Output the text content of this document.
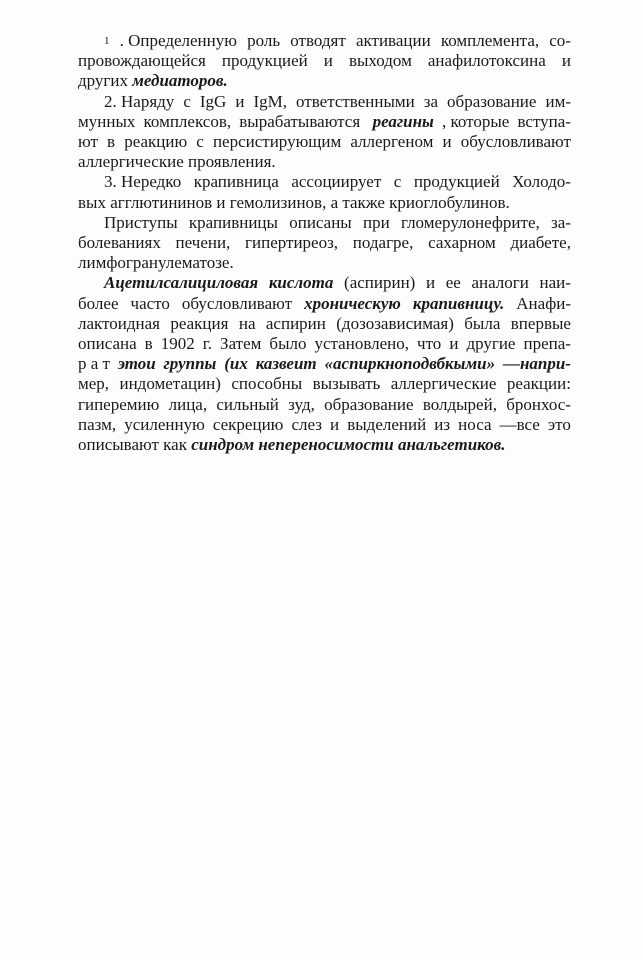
1 . Определенную роль отводят активации комплемента, со-
провождающейся продукцией и выходом анафилотоксина и
других медиаторов.
2. Наряду с IgG и IgM, ответственными за образование им-
мунных комплексов, вырабатываются реагины , которые вступа-
ют в реакцию с персистирующим аллергеном и обусловливают
аллергические проявления.
3. Нередко крапивница ассоциирует с продукцией Холодо-
вых агглютининов и гемолизинов, а также криоглобулинов.
Приступы крапивницы описаны при гломерулонефрите, за-
болеваниях печени, гипертиреоз, подагре, сахарном диабете,
лимфогранулематозе.
Ацетилсалициловая кислота (аспирин) и ее аналоги наи-
более часто обусловливают хроническую крапивницу. Анафи-
лактоидная реакция на аспирин (дозозависимая) была впервые
описана в 1902 г. Затем было установлено, что и другие препа-
р а т этои группы (их казвеит «аспиркноподвбкыми» —напри-
мер, индометацин) способны вызывать аллергические реакции:
гиперемию лица, сильный зуд, образование волдырей, бронхос-
пазм, усиленную секрецию слез и выделений из носа —все это
описывают как синдром непереносимости анальгетиков.
